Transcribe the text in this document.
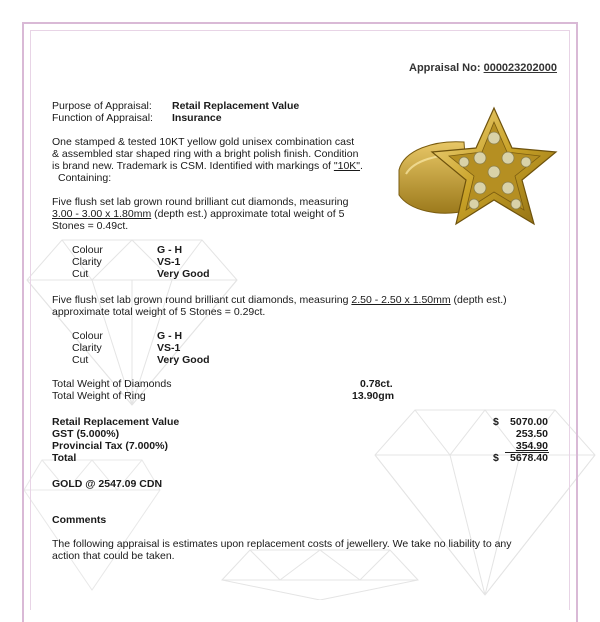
Appraisal No: 000023202000
Purpose of Appraisal: Retail Replacement Value
Function of Appraisal: Insurance
One stamped & tested 10KT yellow gold unisex combination cast
& assembled star shaped ring with a bright polish finish. Condition
is brand new. Trademark is CSM. Identified with markings of "10K".
Containing:
Five flush set lab grown round brilliant cut diamonds, measuring
3.00 - 3.00 x 1.80mm (depth est.) approximate total weight of 5
Stones = 0.49ct.
Colour	G - H
Clarity	VS-1
Cut	Very Good
Five flush set lab grown round brilliant cut diamonds, measuring 2.50 - 2.50 x 1.50mm (depth est.)
approximate total weight of 5 Stones = 0.29ct.
Colour	G - H
Clarity	VS-1
Cut	Very Good
Total Weight of Diamonds	0.78ct.
Total Weight of Ring	13.90gm
Retail Replacement Value	$	5070.00
GST (5.000%)	253.50
Provincial Tax (7.000%)	354.90
Total	$	5678.40
GOLD @ 2547.09 CDN
Comments
The following appraisal is estimates upon replacement costs of jewellery. We take no liability to any
action that could be taken.
